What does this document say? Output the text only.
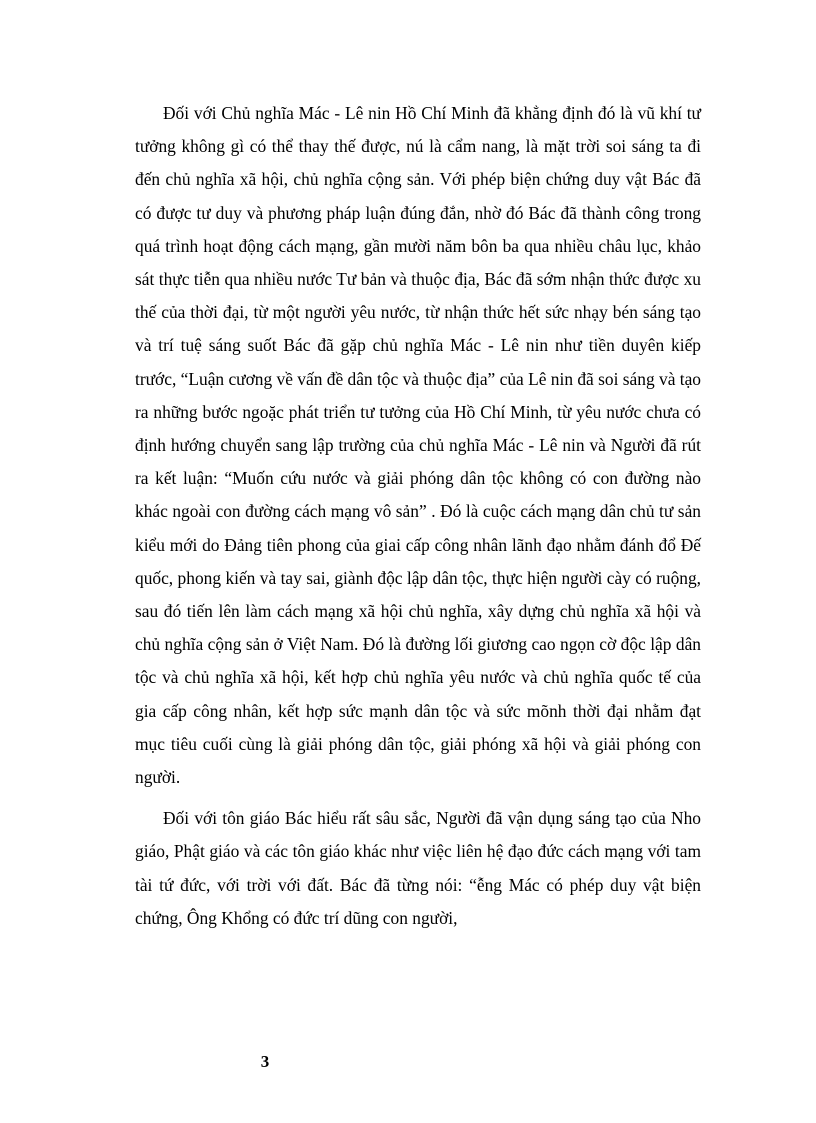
Đối với Chủ nghĩa Mác - Lê nin Hồ Chí Minh đã khẳng định đó là vũ khí tư tưởng không gì có thể thay thế được, nú là cẩm nang, là mặt trời soi sáng ta đi đến chủ nghĩa xã hội, chủ nghĩa cộng sản. Với phép biện chứng duy vật Bác đã có được tư duy và phương pháp luận đúng đắn, nhờ đó Bác đã thành công trong quá trình hoạt động cách mạng, gần mười năm bôn ba qua nhiều châu lục, khảo sát thực tiễn qua nhiều nước Tư bản và thuộc địa, Bác đã sớm nhận thức được xu thế của thời đại, từ một người yêu nước, từ nhận thức hết sức nhạy bén sáng tạo và trí tuệ sáng suốt Bác đã gặp chủ nghĩa Mác - Lê nin như tiền duyên kiếp trước, “Luận cương về vấn đề dân tộc và thuộc địa” của Lê nin đã soi sáng và tạo ra những bước ngoặc phát triển tư tưởng của Hồ Chí Minh, từ yêu nước chưa có định hướng chuyển sang lập trường của chủ nghĩa Mác - Lê nin và Người đã rút ra kết luận: “Muốn cứu nước và giải phóng dân tộc không có con đường nào khác ngoài con đường cách mạng vô sản” . Đó là cuộc cách mạng dân chủ tư sản kiểu mới do Đảng tiên phong của giai cấp công nhân lãnh đạo nhằm đánh đổ Đế quốc, phong kiến và tay sai, giành độc lập dân tộc, thực hiện người cày có ruộng, sau đó tiến lên làm cách mạng xã hội chủ nghĩa, xây dựng chủ nghĩa xã hội và chủ nghĩa cộng sản ở Việt Nam. Đó là đường lối giương cao ngọn cờ độc lập dân tộc và chủ nghĩa xã hội, kết hợp chủ nghĩa yêu nước và chủ nghĩa quốc tế của gia cấp công nhân, kết hợp sức mạnh dân tộc và sức mõnh thời đại nhằm đạt mục tiêu cuối cùng là giải phóng dân tộc, giải phóng xã hội và giải phóng con người.

Đối với tôn giáo Bác hiểu rất sâu sắc, Người đã vận dụng sáng tạo của Nho giáo, Phật giáo và các tôn giáo khác như việc liên hệ đạo đức cách mạng với tam tài tứ đức, với trời với đất. Bác đã từng nói: “ễng Mác có phép duy vật biện chứng, Ông Khổng có đức trí dũng con người,

3
